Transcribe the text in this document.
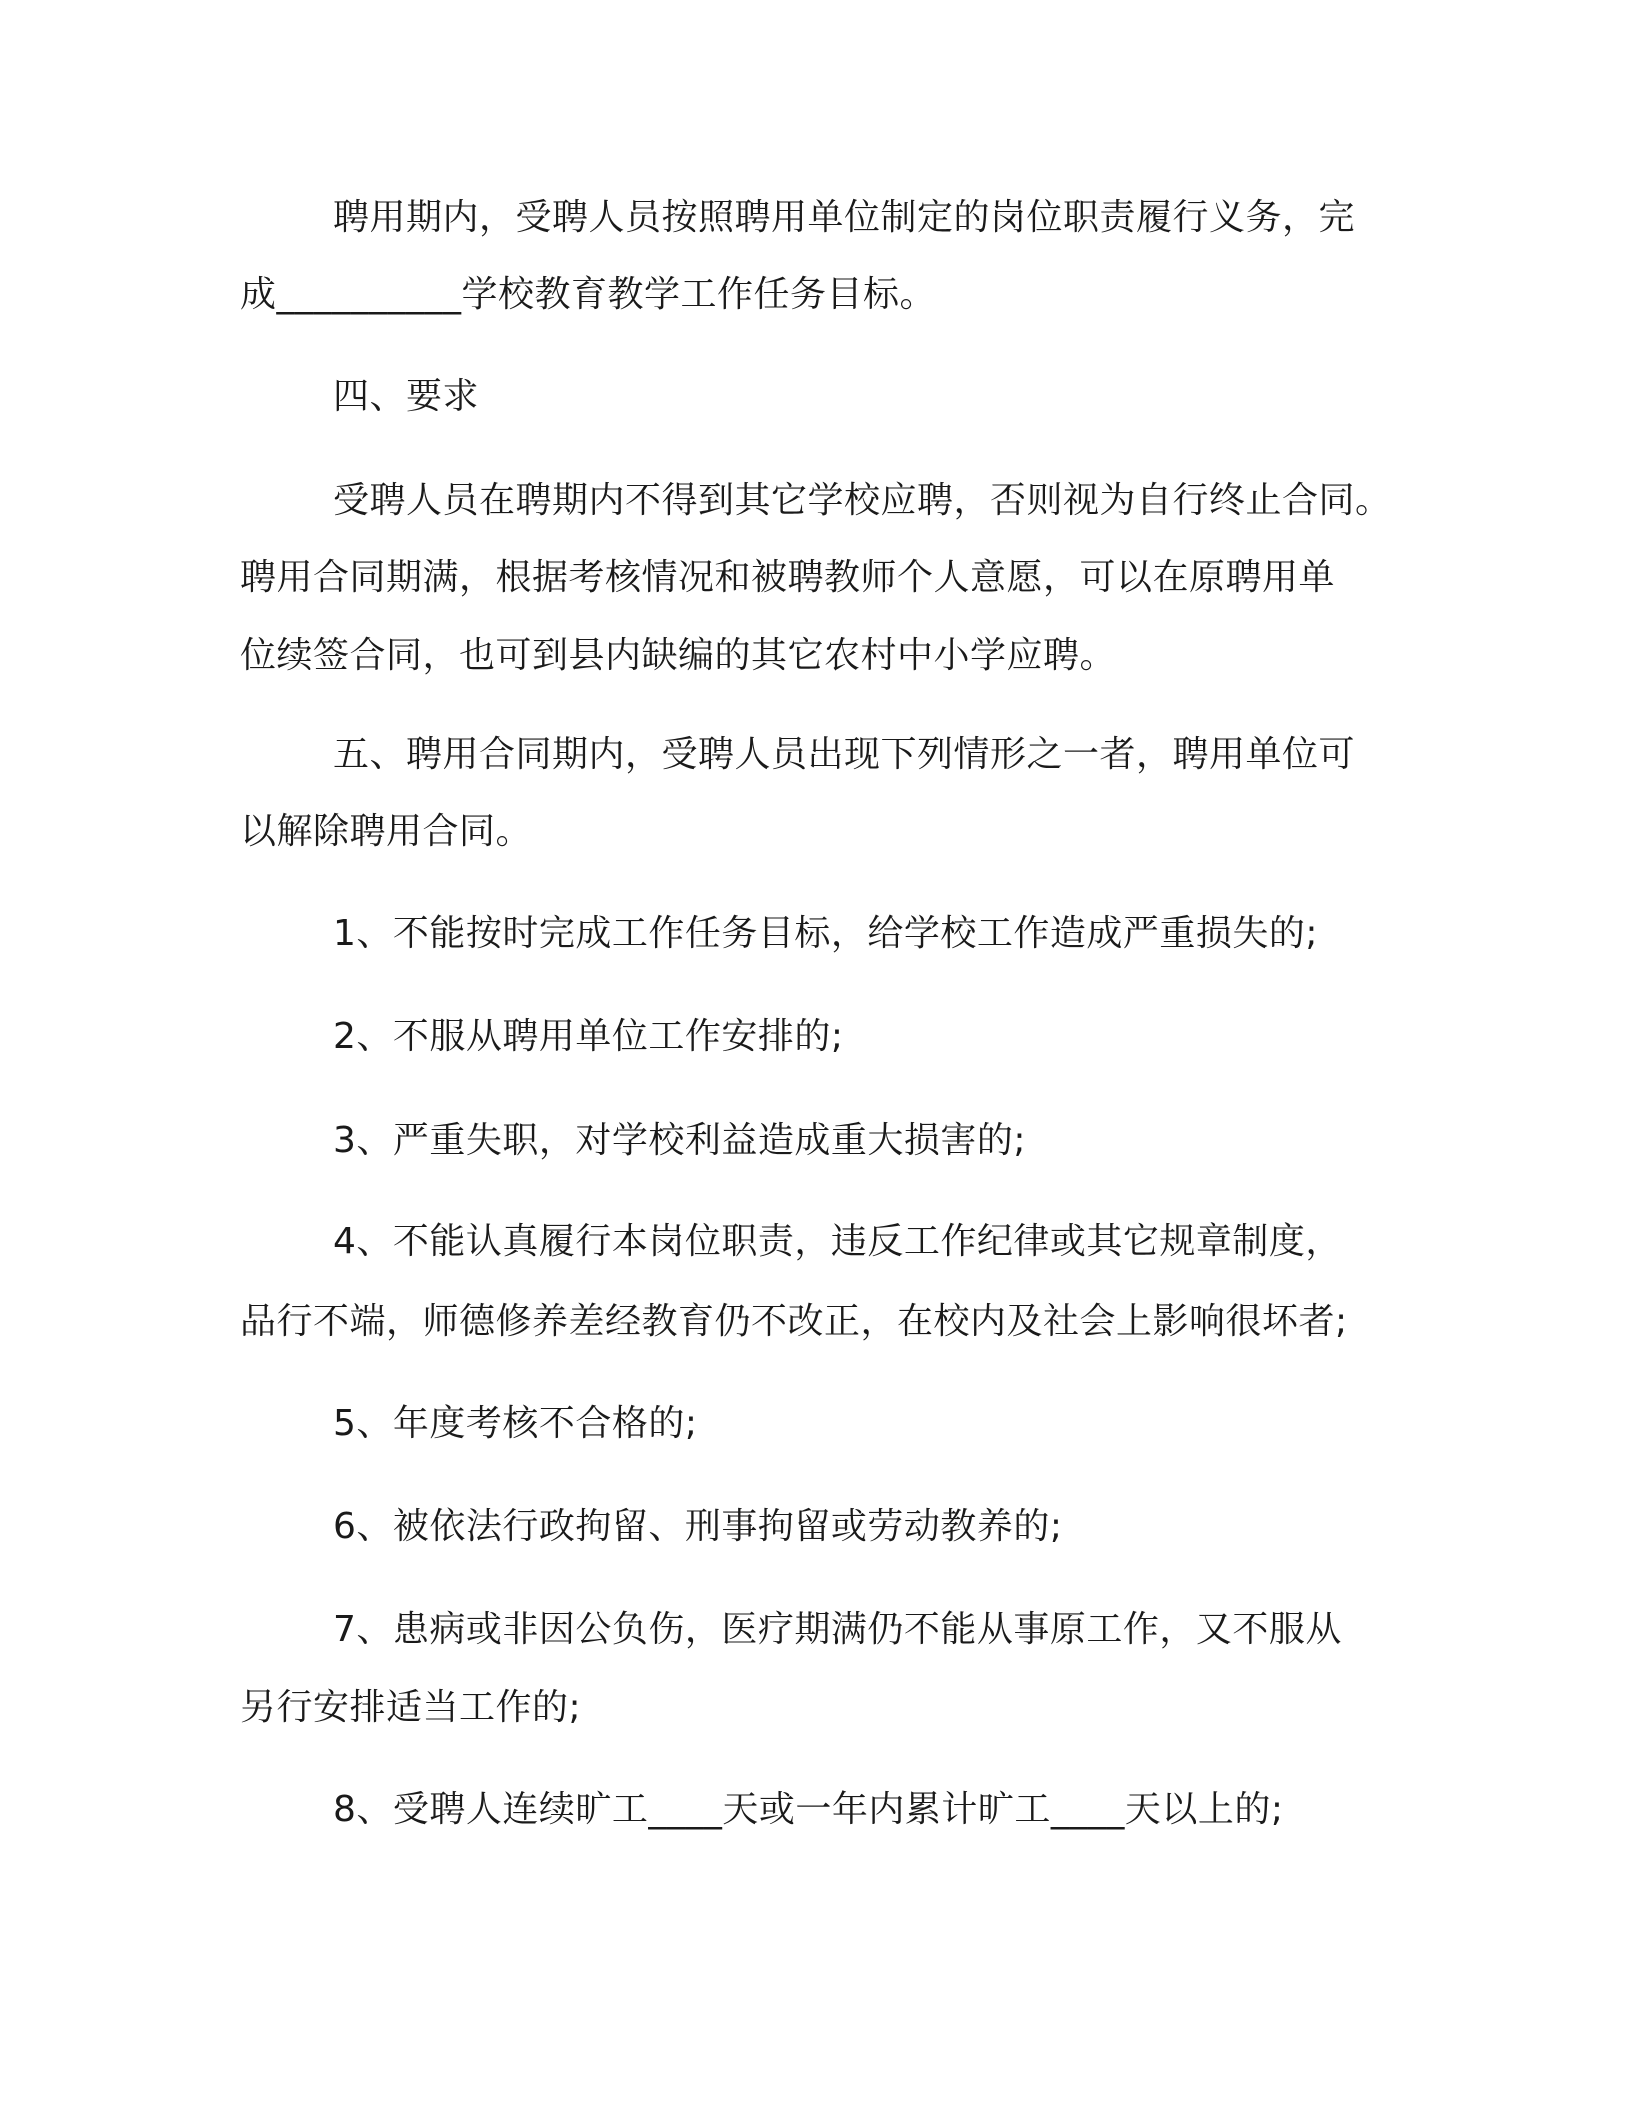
聘用期内，受聘人员按照聘用单位制定的岗位职责履行义务，完
成__________学校教育教学工作任务目标。
四、要求
受聘人员在聘期内不得到其它学校应聘，否则视为自行终止合同。
聘用合同期满，根据考核情况和被聘教师个人意愿，可以在原聘用单
位续签合同，也可到县内缺编的其它农村中小学应聘。
五、聘用合同期内，受聘人员出现下列情形之一者，聘用单位可
以解除聘用合同。
1、不能按时完成工作任务目标，给学校工作造成严重损失的;
2、不服从聘用单位工作安排的;
3、严重失职，对学校利益造成重大损害的;
4、不能认真履行本岗位职责，违反工作纪律或其它规章制度，
品行不端，师德修养差经教育仍不改正，在校内及社会上影响很坏者;
5、年度考核不合格的;
6、被依法行政拘留、刑事拘留或劳动教养的;
7、患病或非因公负伤，医疗期满仍不能从事原工作，又不服从
另行安排适当工作的;
8、受聘人连续旷工____天或一年内累计旷工____天以上的;
